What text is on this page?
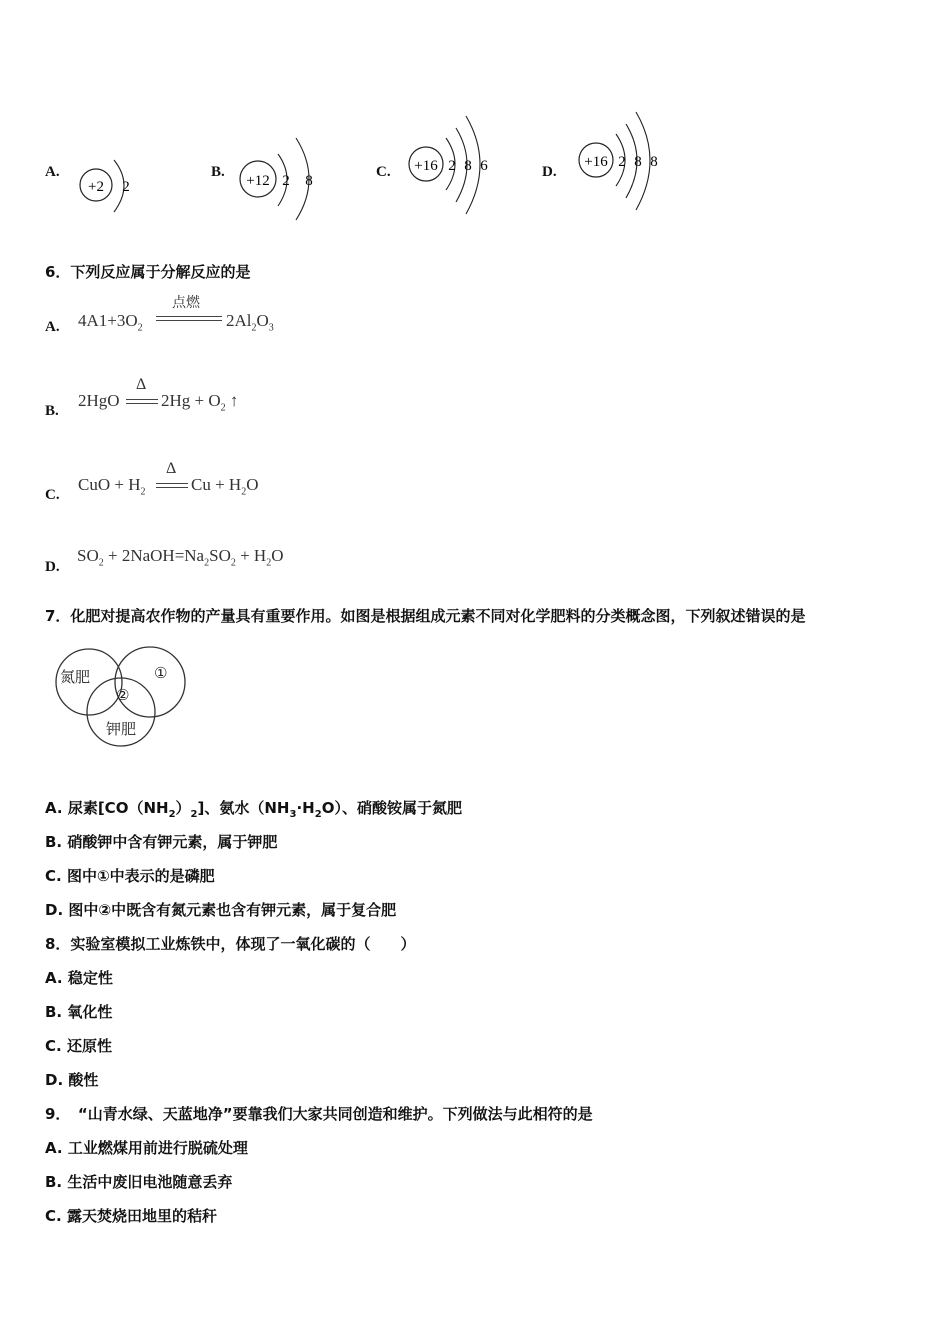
A.
+2 2
B.
+12 2 8
C. +16 2 8 6	D.
+16 2 8 8
6．下列反应属于分解反应的是
A. $4A1+3O_2$
点燃
$2Al_2O_3$
B.
2HgO
Δ
$2Hg + O_2$ ↑
C.
CuO + $H_2$
Δ
$Cu + H_2O$
D.
$SO_2$ + $2NaOH=Na_2SO_2 + H_2O$
7．化肥对提高农作物的产量具有重要作用。如图是根据组成元素不同对化学肥料的分类概念图，下列叙述错误的是
氮肥	①
②
钾肥
A. 尿素$[CO(NH_2)_2]$、氨水$(NH_3\cdot H_2O)$、硝酸铵属于氮肥
B. 硝酸钾中含有钾元素，属于钾肥
C. 图中①中表示的是磷肥
D. 图中②中既含有氮元素也含有钾元素，属于复合肥
8．实验室模拟工业炼铁中，体现了一氧化碳的（　　）
A. 稳定性
B. 氧化性
C. 还原性
D. 酸性
9．　“山青水绿、天蓝地净”要靠我们大家共同创造和维护。下列做法与此相符的是
A. 工业燃煤用前进行脱硫处理
B. 生活中废旧电池随意丢弃
C. 露天焚烧田地里的秸秆
